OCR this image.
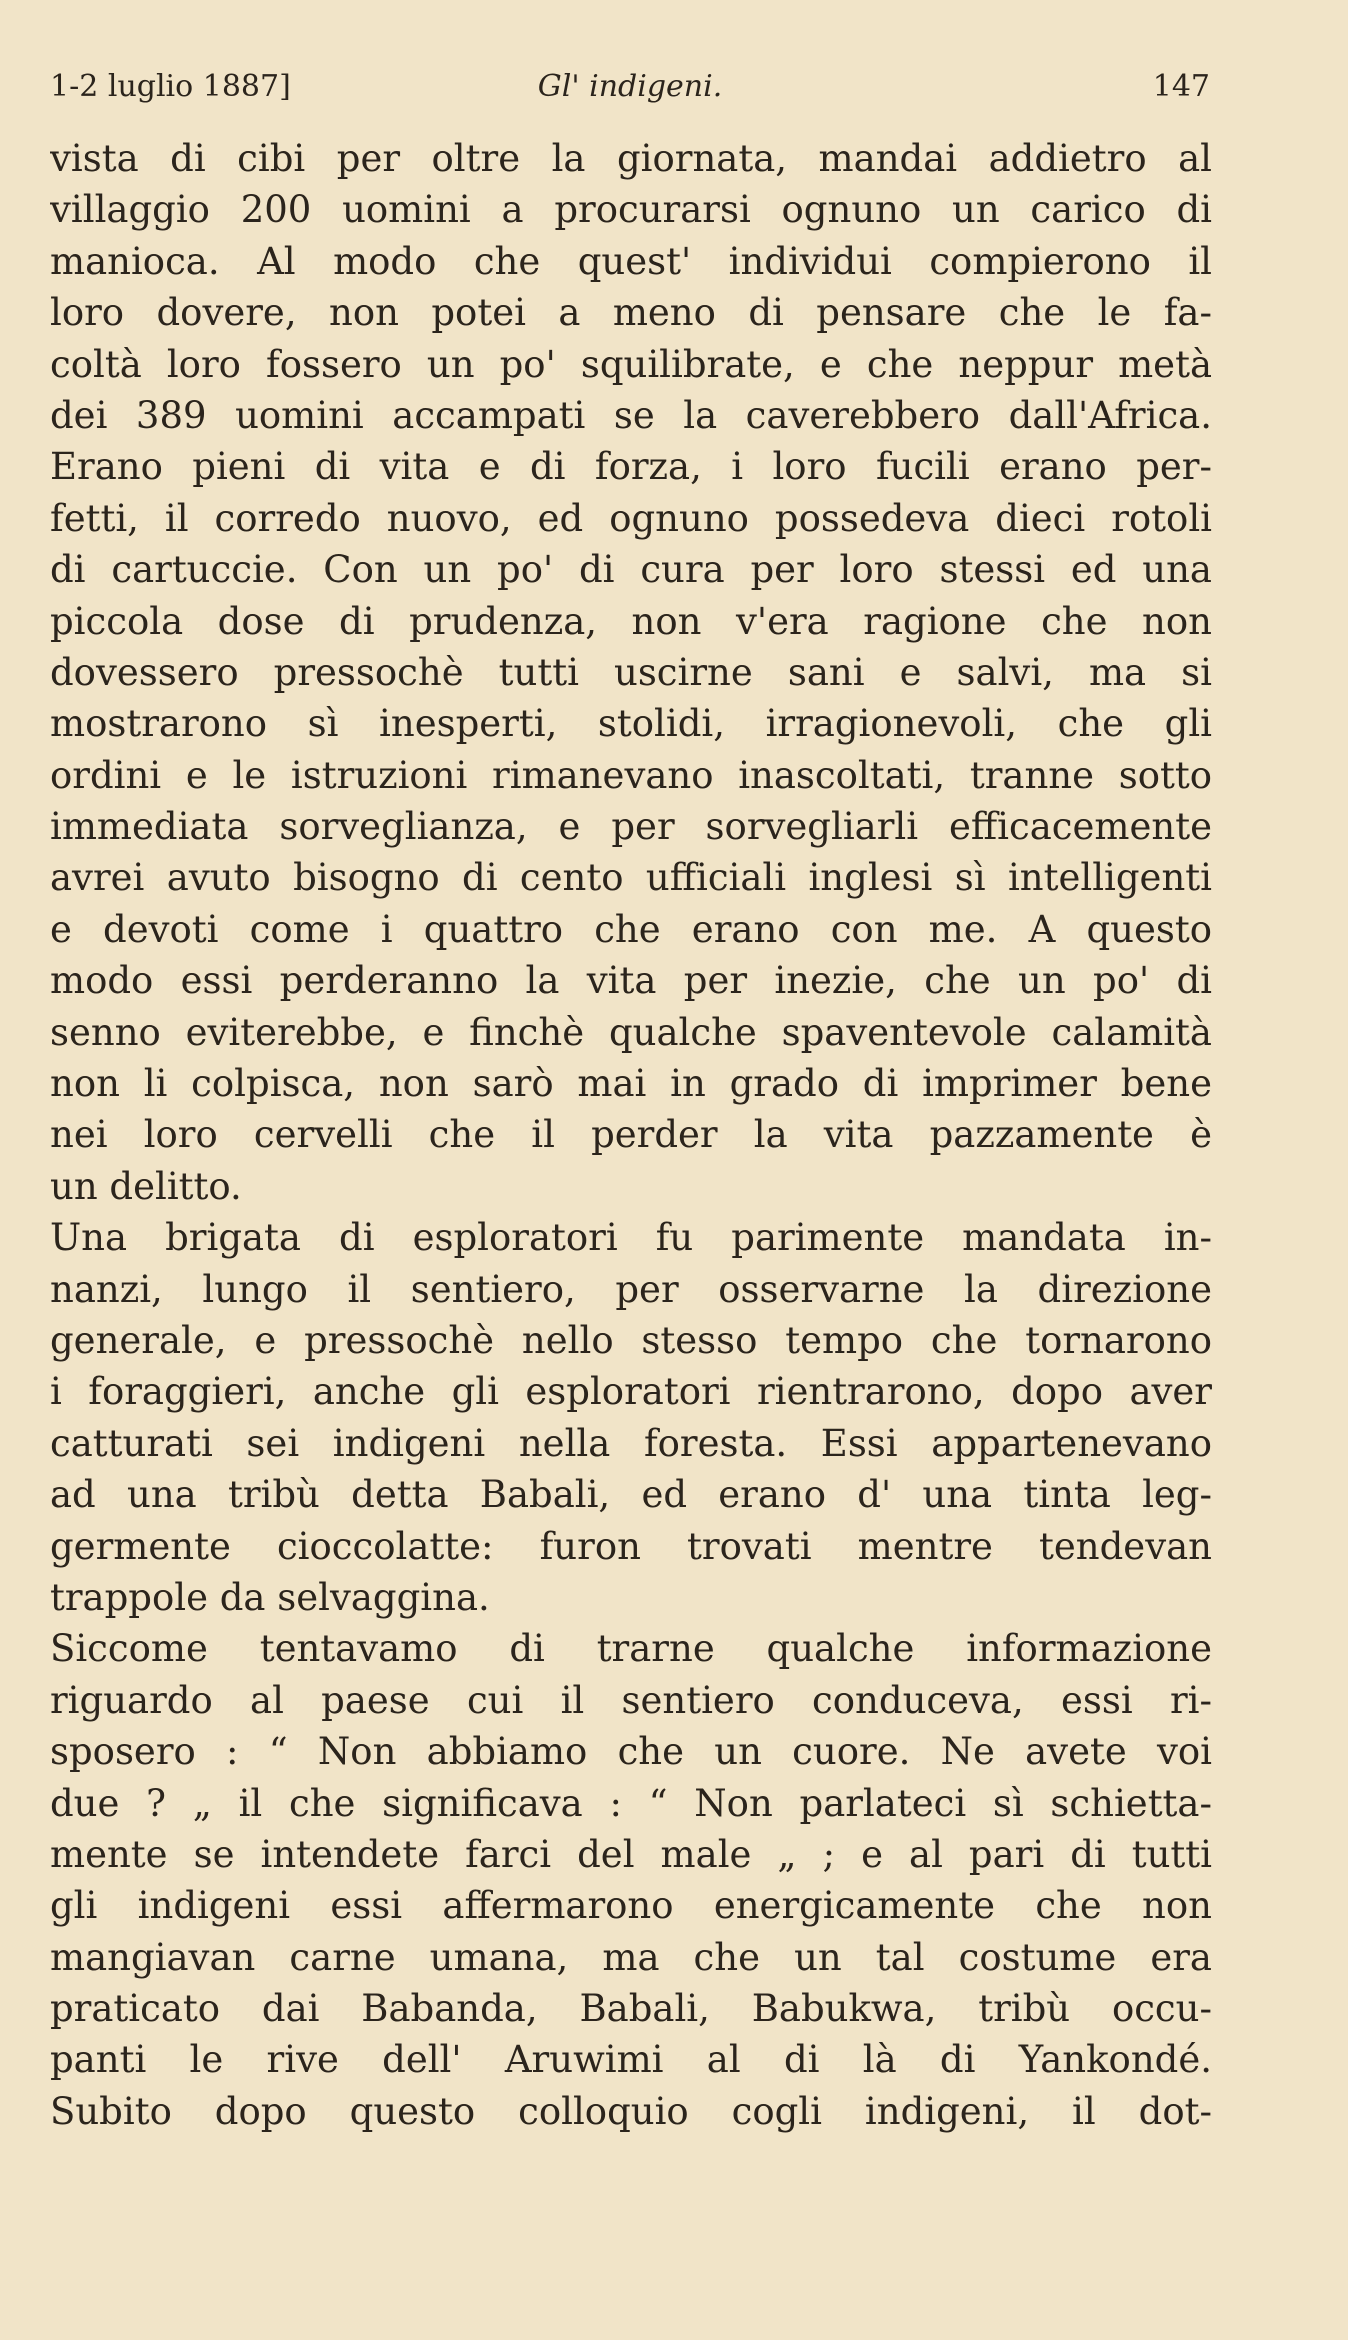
1-2 luglio 1887]	Gl' indigeni.	147
vista di cibi per oltre la giornata, mandai addietro al
villaggio 200 uomini a procurarsi ognuno un carico di
manioca. Al modo che quest' individui compierono il
loro dovere, non potei a meno di pensare che le fa-
coltà loro fossero un po' squilibrate, e che neppur metà
dei 389 uomini accampati se la caverebbero dall'Africa.
Erano pieni di vita e di forza, i loro fucili erano per-
fetti, il corredo nuovo, ed ognuno possedeva dieci rotoli
di cartuccie. Con un po' di cura per loro stessi ed una
piccola dose di prudenza, non v'era ragione che non
dovessero pressochè tutti uscirne sani e salvi, ma si
mostrarono sì inesperti, stolidi, irragionevoli, che gli
ordini e le istruzioni rimanevano inascoltati, tranne sotto
immediata sorveglianza, e per sorvegliarli efficacemente
avrei avuto bisogno di cento ufficiali inglesi sì intelligenti
e devoti come i quattro che erano con me. A questo
modo essi perderanno la vita per inezie, che un po' di
senno eviterebbe, e finchè qualche spaventevole calamità
non li colpisca, non sarò mai in grado di imprimer bene
nei loro cervelli che il perder la vita pazzamente è
un delitto.
Una brigata di esploratori fu parimente mandata in-
nanzi, lungo il sentiero, per osservarne la direzione
generale, e pressochè nello stesso tempo che tornarono
i foraggieri, anche gli esploratori rientrarono, dopo aver
catturati sei indigeni nella foresta. Essi appartenevano
ad una tribù detta Babali, ed erano d' una tinta leg-
germente cioccolatte: furon trovati mentre tendevan
trappole da selvaggina.
Siccome tentavamo di trarne qualche informazione
riguardo al paese cui il sentiero conduceva, essi ri-
sposero : “ Non abbiamo che un cuore. Ne avete voi
due ? „ il che significava : “ Non parlateci sì schietta-
mente se intendete farci del male „ ; e al pari di tutti
gli indigeni essi affermarono energicamente che non
mangiavan carne umana, ma che un tal costume era
praticato dai Babanda, Babali, Babukwa, tribù occu-
panti le rive dell' Aruwimi al di là di Yankondé.
Subito dopo questo colloquio cogli indigeni, il dot-
